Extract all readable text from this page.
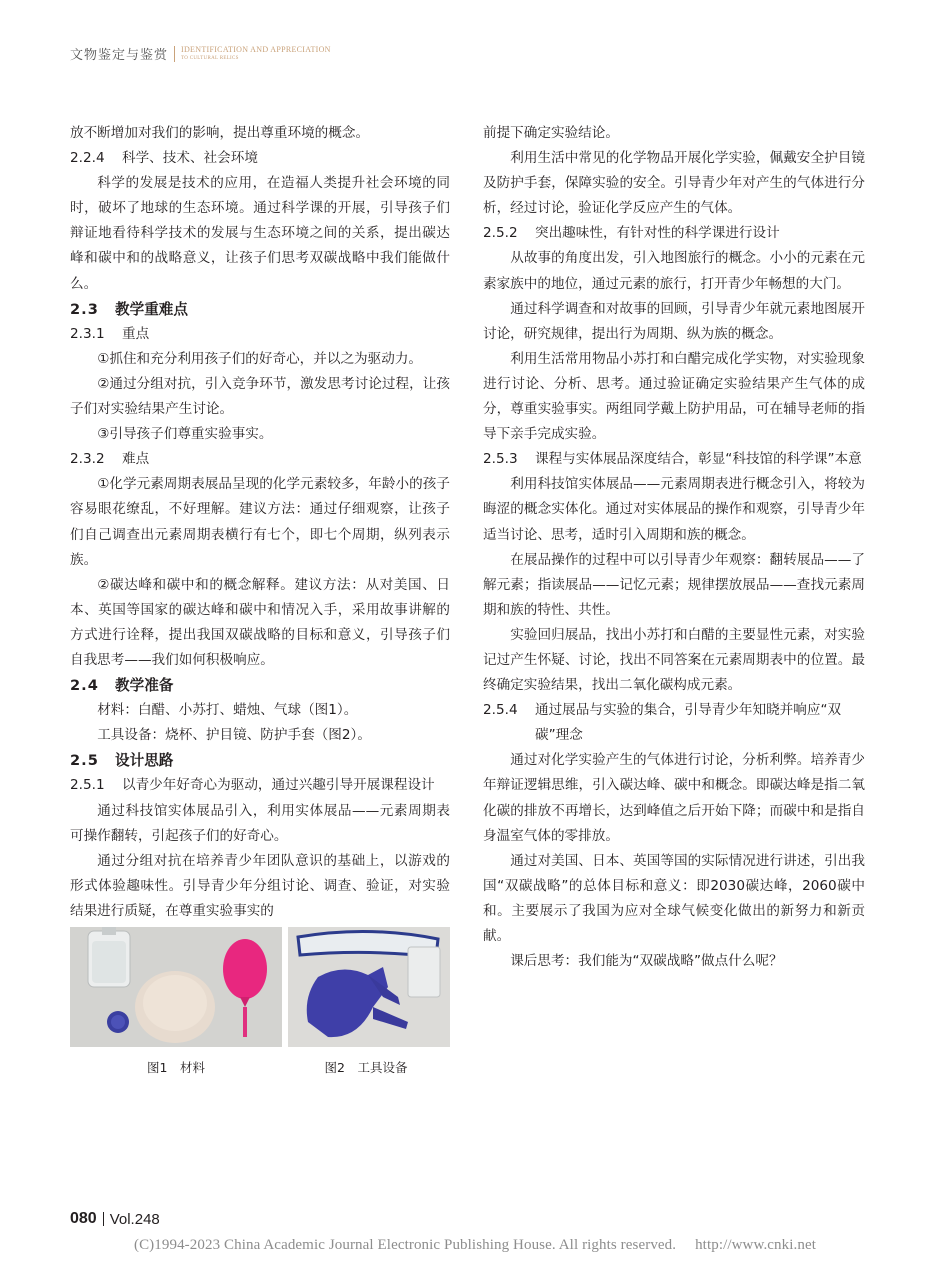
文物鉴定与鉴赏 IDENTIFICATION AND APPRECIATION
TO CULTURAL RELICS
放不断增加对我们的影响，提出尊重环境的概念。
2.2.4	科学、技术、社会环境
科学的发展是技术的应用，在造福人类提升社会环境的同时，破坏了地球的生态环境。通过科学课的开展，引导孩子们辩证地看待科学技术的发展与生态环境之间的关系，提出碳达峰和碳中和的战略意义，让孩子们思考双碳战略中我们能做什么。
2.3	教学重难点
2.3.1	重点
①抓住和充分利用孩子们的好奇心，并以之为驱动力。
②通过分组对抗，引入竞争环节，激发思考讨论过程，让孩子们对实验结果产生讨论。
③引导孩子们尊重实验事实。
2.3.2	难点
①化学元素周期表展品呈现的化学元素较多，年龄小的孩子容易眼花缭乱，不好理解。建议方法：通过仔细观察，让孩子们自己调查出元素周期表横行有七个，即七个周期，纵列表示族。
②碳达峰和碳中和的概念解释。建议方法：从对美国、日本、英国等国家的碳达峰和碳中和情况入手，采用故事讲解的方式进行诠释，提出我国双碳战略的目标和意义，引导孩子们自我思考——我们如何积极响应。
2.4	教学准备
材料：白醋、小苏打、蜡烛、气球（图1）。
工具设备：烧杯、护目镜、防护手套（图2）。
2.5	设计思路
2.5.1	以青少年好奇心为驱动，通过兴趣引导开展课程设计
通过科技馆实体展品引入，利用实体展品——元素周期表可操作翻转，引起孩子们的好奇心。
通过分组对抗在培养青少年团队意识的基础上，以游戏的形式体验趣味性。引导青少年分组讨论、调查、验证，对实验结果进行质疑，在尊重实验事实的
图1　材料	图2　工具设备
前提下确定实验结论。
利用生活中常见的化学物品开展化学实验，佩戴安全护目镜及防护手套，保障实验的安全。引导青少年对产生的气体进行分析，经过讨论，验证化学反应产生的气体。
2.5.2	突出趣味性，有针对性的科学课进行设计
从故事的角度出发，引入地图旅行的概念。小小的元素在元素家族中的地位，通过元素的旅行，打开青少年畅想的大门。
通过科学调查和对故事的回顾，引导青少年就元素地图展开讨论，研究规律，提出行为周期、纵为族的概念。
利用生活常用物品小苏打和白醋完成化学实物，对实验现象进行讨论、分析、思考。通过验证确定实验结果产生气体的成分，尊重实验事实。两组同学戴上防护用品，可在辅导老师的指导下亲手完成实验。
2.5.3	课程与实体展品深度结合，彰显“科技馆的科学课”本意
利用科技馆实体展品——元素周期表进行概念引入，将较为晦涩的概念实体化。通过对实体展品的操作和观察，引导青少年适当讨论、思考，适时引入周期和族的概念。
在展品操作的过程中可以引导青少年观察：翻转展品——了解元素；指读展品——记忆元素；规律摆放展品——查找元素周期和族的特性、共性。
实验回归展品，找出小苏打和白醋的主要显性元素，对实验记过产生怀疑、讨论，找出不同答案在元素周期表中的位置。最终确定实验结果，找出二氧化碳构成元素。
2.5.4	通过展品与实验的集合，引导青少年知晓并响应“双碳”理念
通过对化学实验产生的气体进行讨论，分析利弊。培养青少年辩证逻辑思维，引入碳达峰、碳中和概念。即碳达峰是指二氧化碳的排放不再增长，达到峰值之后开始下降；而碳中和是指自身温室气体的零排放。
通过对美国、日本、英国等国的实际情况进行讲述，引出我国“双碳战略”的总体目标和意义：即2030碳达峰，2060碳中和。主要展示了我国为应对全球气候变化做出的新努力和新贡献。
课后思考：我们能为“双碳战略”做点什么呢？
080 Vol.248
(C)1994-2023 China Academic Journal Electronic Publishing House. All rights reserved.　 http://www.cnki.net
